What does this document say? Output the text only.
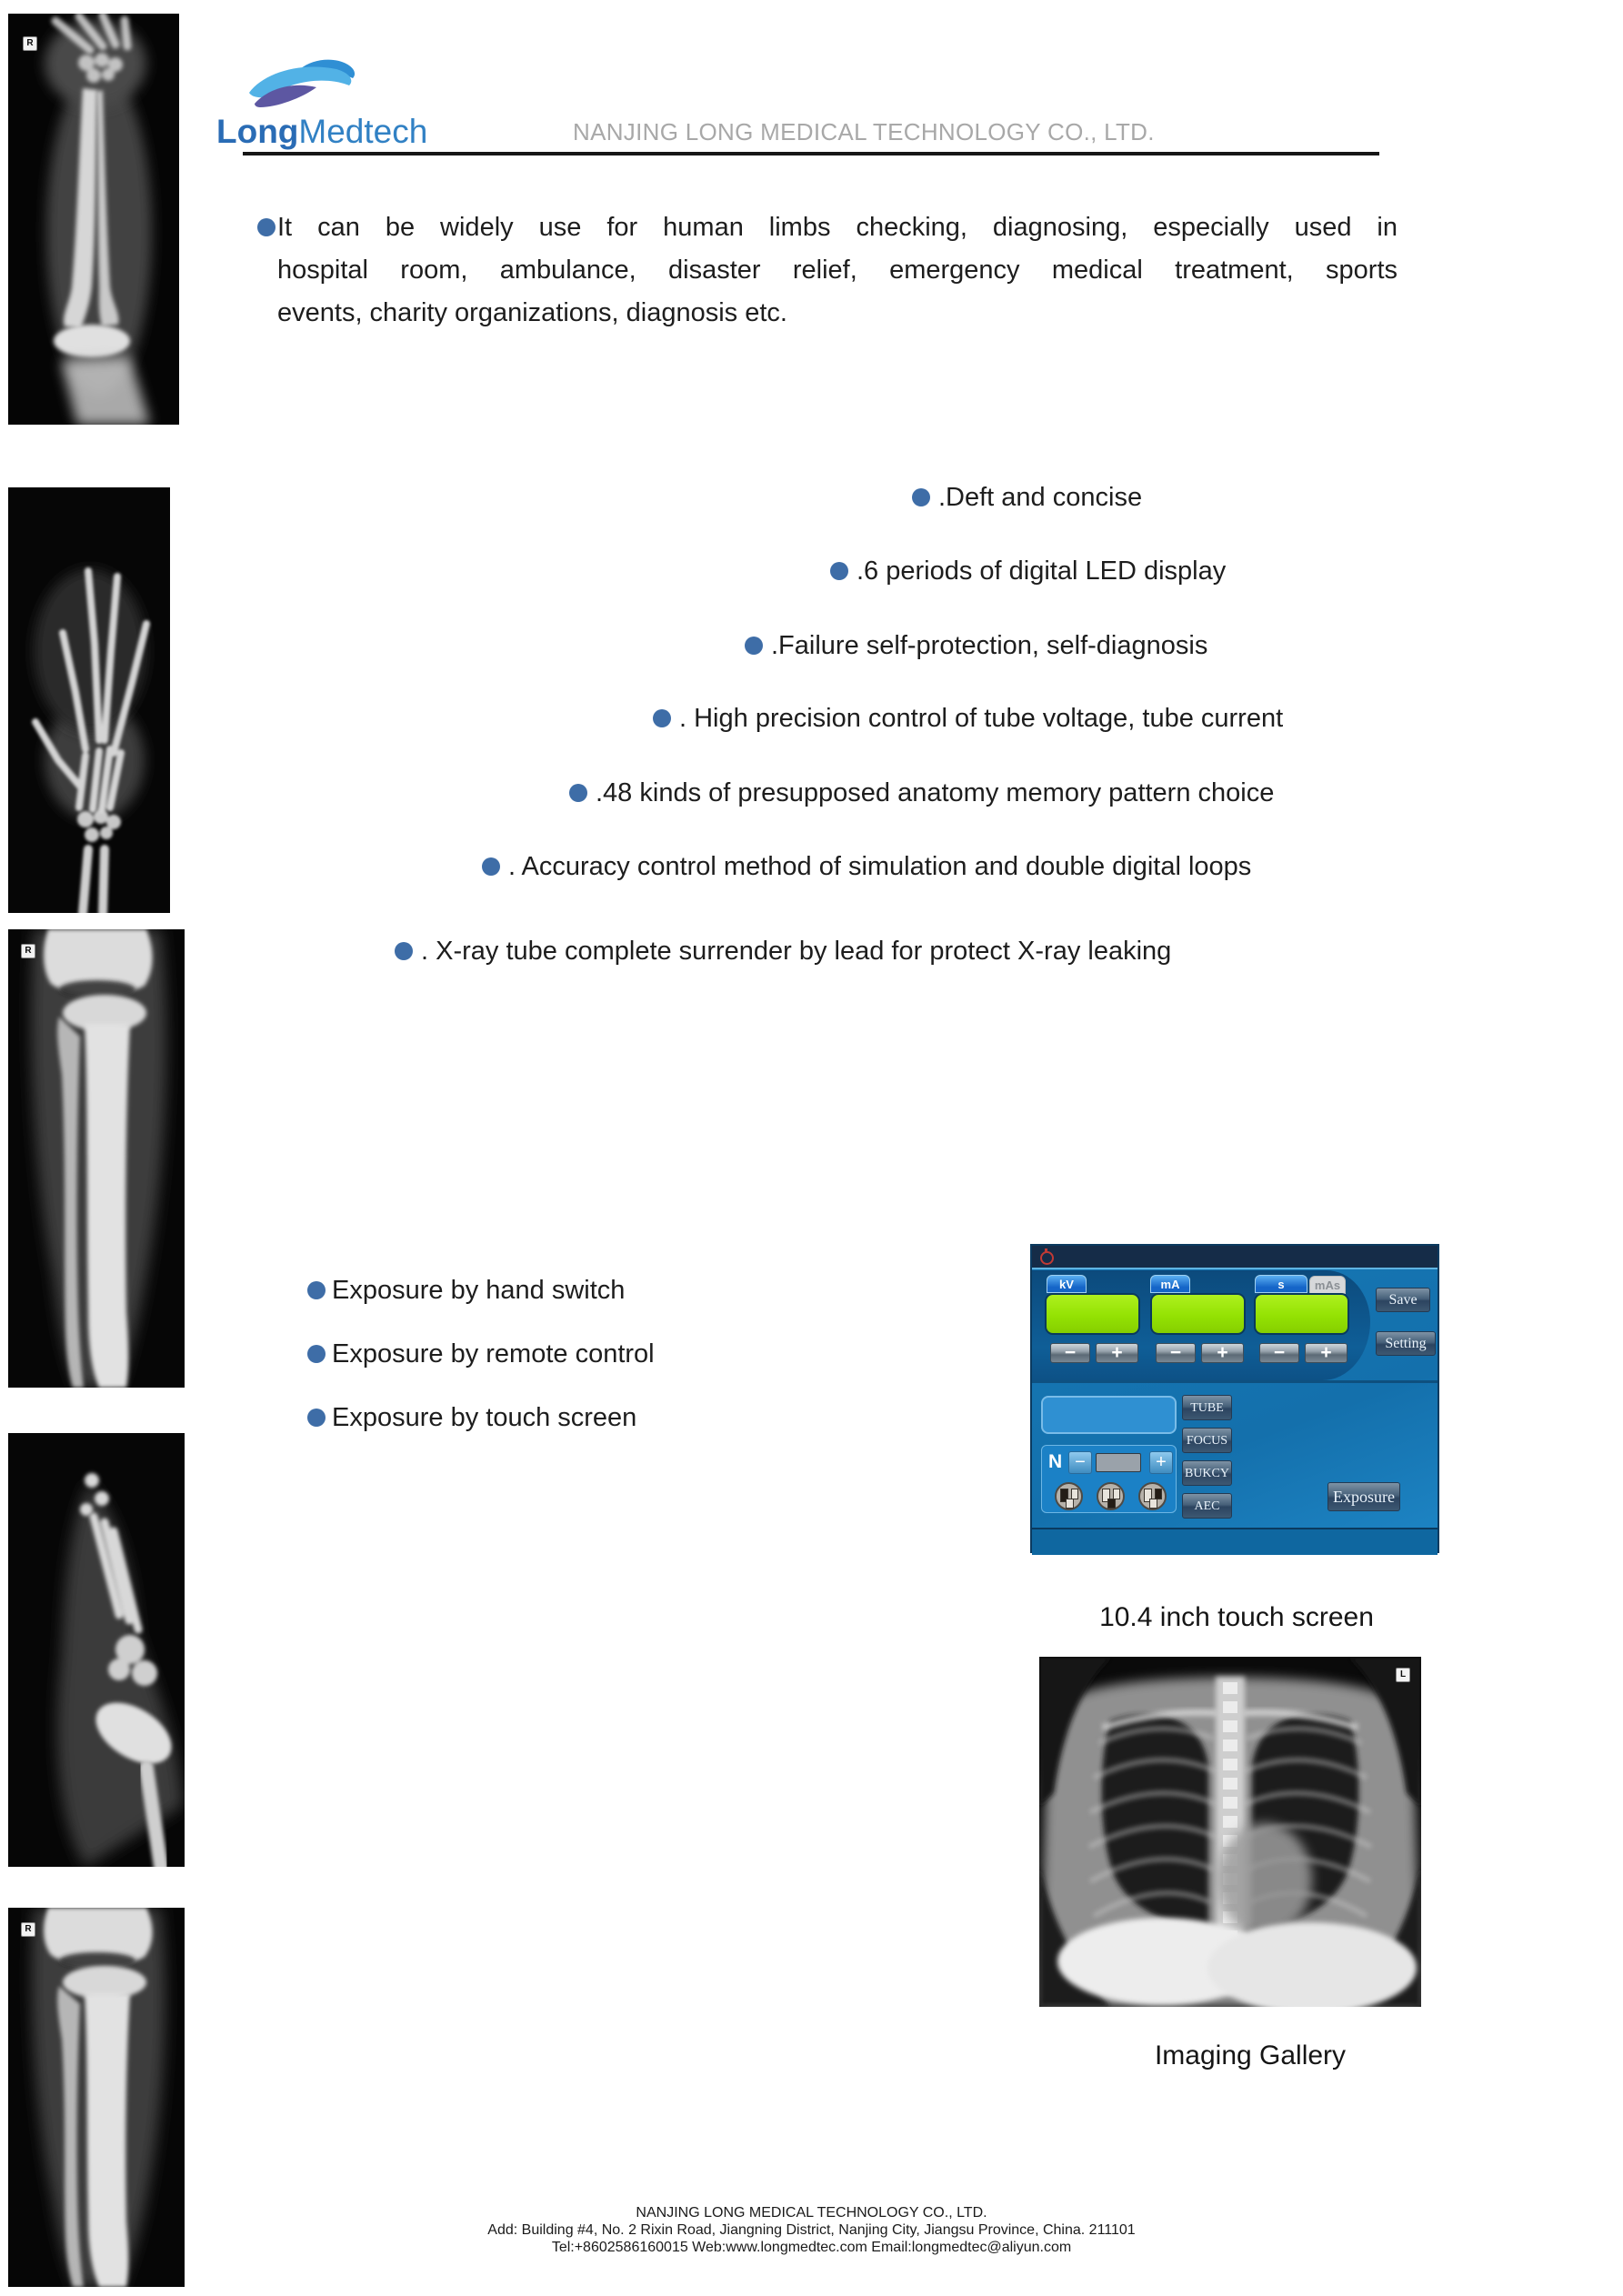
R
R
R
LongMedtech	NANJING LONG MEDICAL TECHNOLOGY CO., LTD.
It can be widely use for human limbs checking, diagnosing, especially used in
hospital room, ambulance, disaster relief, emergency medical treatment, sports
events, charity organizations, diagnosis etc.
.Deft and concise
.6 periods of digital LED display
.Failure self-protection, self-diagnosis
. High precision control of tube voltage, tube current
.48 kinds of presupposed anatomy memory pattern choice
. Accuracy control method of simulation and double digital loops
. X-ray tube complete surrender by lead for protect X-ray leaking
Exposure by hand switch
Exposure by remote control
Exposure by touch screen
kV
−	+
mA
−	+
mAs
s
−	+
Save
Setting
N −	+
TUBE
FOCUS
BUKCY
AEC
Exposure
10.4 inch touch screen
L
Imaging Gallery
NANJING LONG MEDICAL TECHNOLOGY CO., LTD.
Add: Building #4, No. 2 Rixin Road, Jiangning District, Nanjing City, Jiangsu Province, China. 211101
Tel:+8602586160015 Web:www.longmedtec.com Email:longmedtec@aliyun.com
